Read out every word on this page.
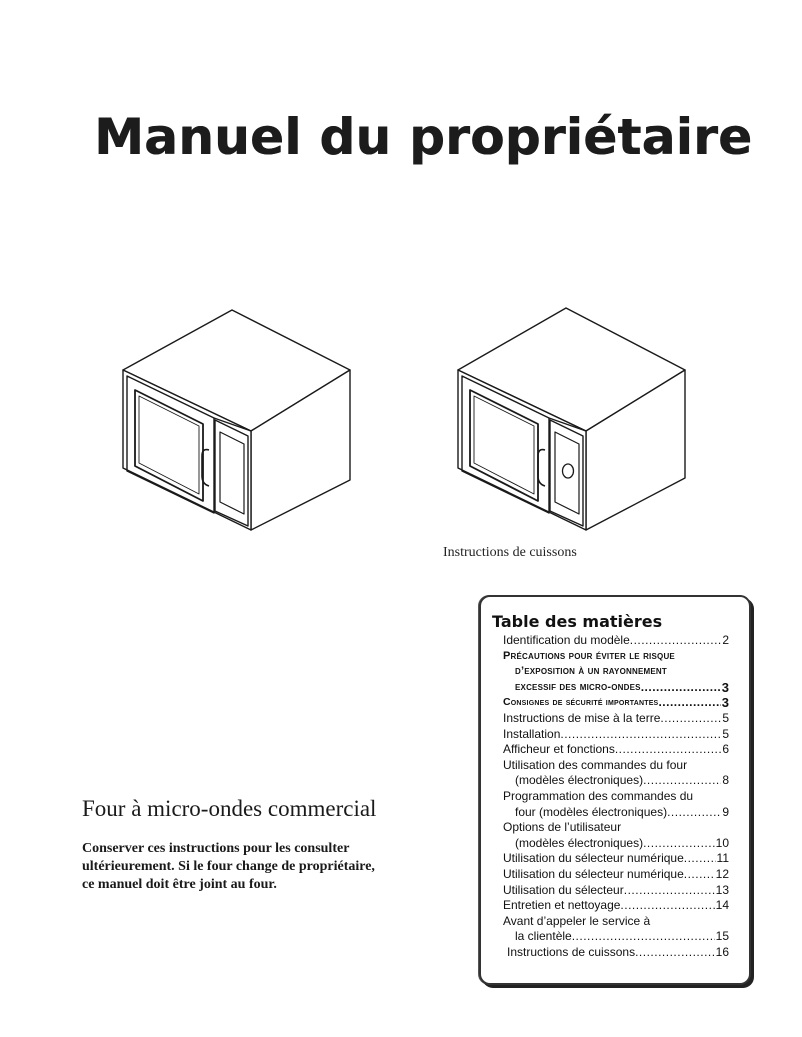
Manuel du propriétaire
Instructions de cuissons
Four à micro-ondes commercial

Conserver ces instructions pour les consulter
ultérieurement. Si le four change de propriétaire,
ce manuel doit être joint au four.

Table des matières
Identification du modèle .....	2
Précautions pour éviter le risque
d’exposition à un rayonnement
excessif des micro-ondes .....	3
Consignes de sécurité importantes .....	3
Instructions de mise à la terre .....	5
Installation .....	5
Afficheur et fonctions .....	6
Utilisation des commandes du four
(modèles électroniques) .....	8
Programmation des commandes du
four (modèles électroniques) .....	9
Options de l’utilisateur
(modèles électroniques) .....	10
Utilisation du sélecteur numérique .....	11
Utilisation du sélecteur numérique .....	12
Utilisation du sélecteur .....	13
Entretien et nettoyage .....	14
Avant d’appeler le service à
la clientèle .....	15
Instructions de cuissons .....	16
